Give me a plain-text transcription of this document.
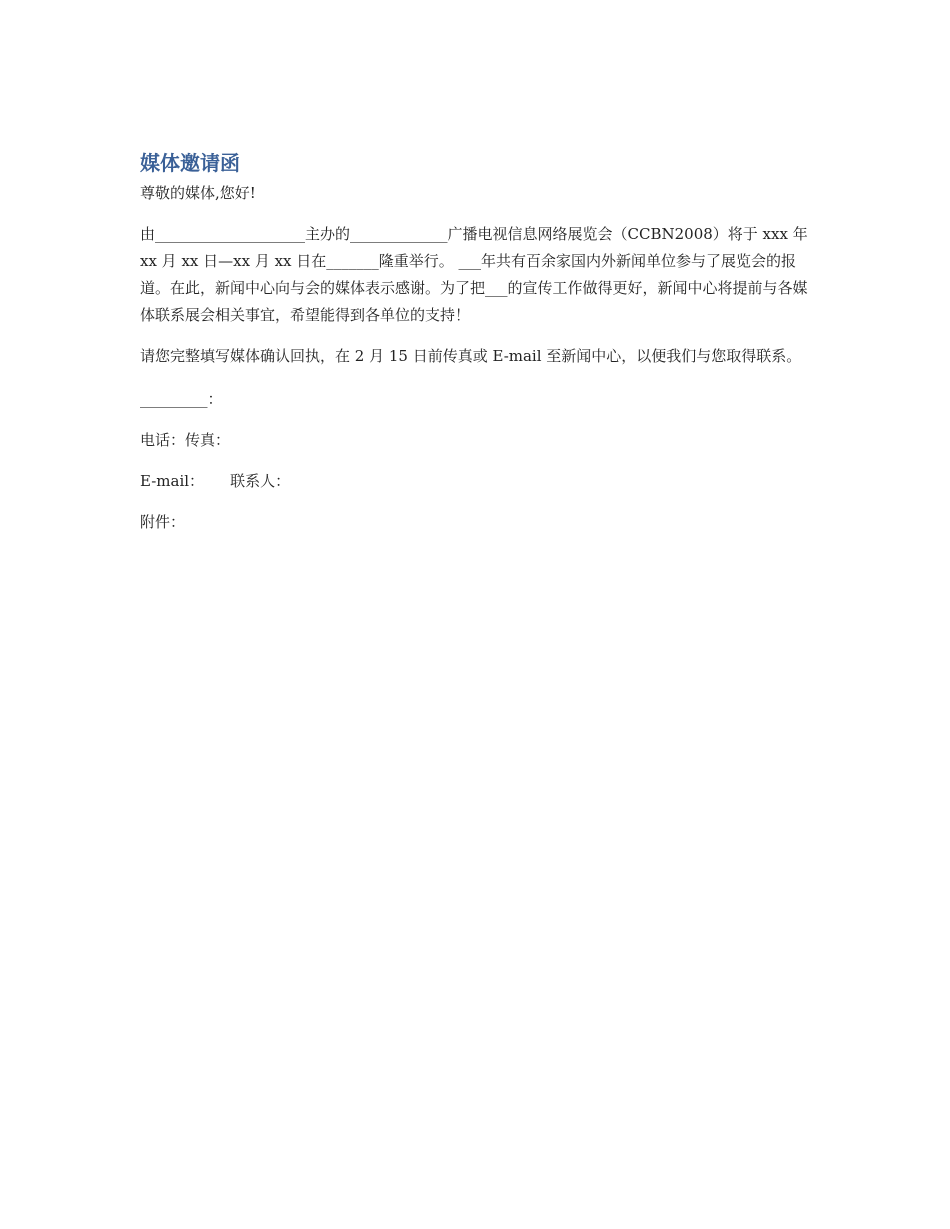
媒体邀请函

尊敬的媒体,您好!

由____________________主办的_____________广播电视信息网络展览会（CCBN2008）将于 xxx 年 xx 月 xx 日—xx 月 xx 日在_______隆重举行。 ___年共有百余家国内外新闻单位参与了展览会的报道。在此，新闻中心向与会的媒体表示感谢。为了把___的宣传工作做得更好，新闻中心将提前与各媒体联系展会相关事宜，希望能得到各单位的支持！

请您完整填写媒体确认回执，在 2 月 15 日前传真或 E-mail 至新闻中心，以便我们与您取得联系。

_________：

电话：传真：

E-mail： 联系人：

附件：
